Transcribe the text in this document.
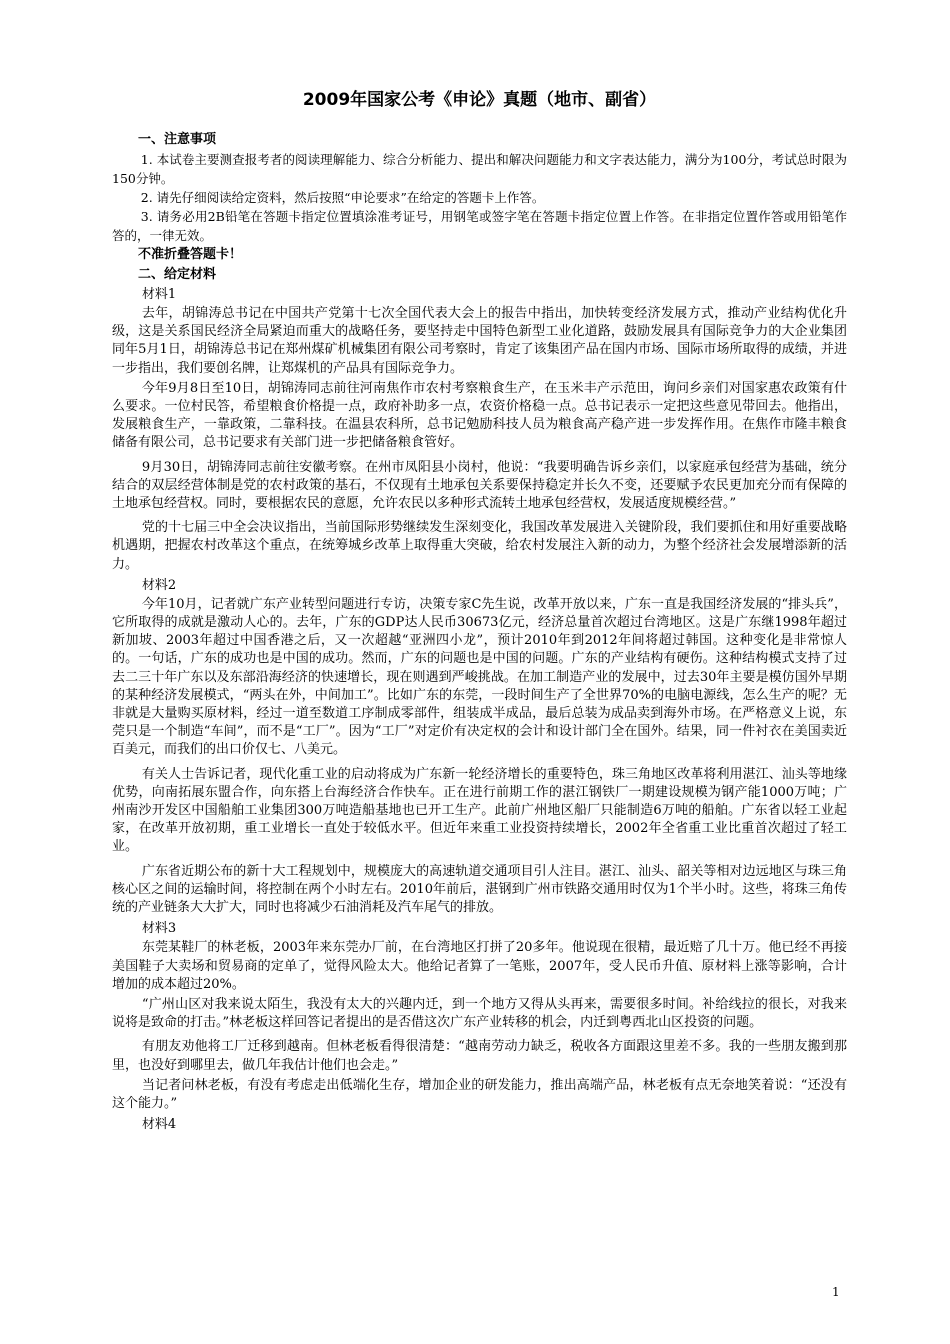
2009年国家公考《申论》真题（地市、副省）

一、注意事项

1. 本试卷主要测查报考者的阅读理解能力、综合分析能力、提出和解决问题能力和文字表达能力，满分为100分，考试总时限为150分钟。

2. 请先仔细阅读给定资料，然后按照“申论要求”在给定的答题卡上作答。

3. 请务必用2B铅笔在答题卡指定位置填涂准考证号，用钢笔或签字笔在答题卡指定位置上作答。在非指定位置作答或用铅笔作答的，一律无效。

不准折叠答题卡！

二、给定材料

材料1

去年，胡锦涛总书记在中国共产党第十七次全国代表大会上的报告中指出，加快转变经济发展方式，推动产业结构优化升级，这是关系国民经济全局紧迫而重大的战略任务，要坚持走中国特色新型工业化道路，鼓励发展具有国际竞争力的大企业集团同年5月1日，胡锦涛总书记在郑州煤矿机械集团有限公司考察时，肯定了该集团产品在国内市场、国际市场所取得的成绩，并进一步指出，我们要创名牌，让郑煤机的产品具有国际竞争力。

今年9月8日至10日，胡锦涛同志前往河南焦作市农村考察粮食生产，在玉米丰产示范田，询问乡亲们对国家惠农政策有什么要求。一位村民答，希望粮食价格提一点，政府补助多一点，农资价格稳一点。总书记表示一定把这些意见带回去。他指出，发展粮食生产，一靠政策，二靠科技。在温县农科所，总书记勉励科技人员为粮食高产稳产进一步发挥作用。在焦作市隆丰粮食储备有限公司，总书记要求有关部门进一步把储备粮食管好。

9月30日，胡锦涛同志前往安徽考察。在州市凤阳县小岗村，他说：“我要明确告诉乡亲们，以家庭承包经营为基础，统分结合的双层经营体制是党的农村政策的基石，不仅现有土地承包关系要保持稳定并长久不变，还要赋予农民更加充分而有保障的土地承包经营权。同时，要根据农民的意愿，允许农民以多种形式流转土地承包经营权，发展适度规模经营。”

党的十七届三中全会决议指出，当前国际形势继续发生深刻变化，我国改革发展进入关键阶段，我们要抓住和用好重要战略机遇期，把握农村改革这个重点，在统筹城乡改革上取得重大突破，给农村发展注入新的动力，为整个经济社会发展增添新的活力。

材料2

今年10月，记者就广东产业转型问题进行专访，决策专家C先生说，改革开放以来，广东一直是我国经济发展的“排头兵”，它所取得的成就是激动人心的。去年，广东的GDP达人民币30673亿元，经济总量首次超过台湾地区。这是广东继1998年超过新加坡、2003年超过中国香港之后，又一次超越“亚洲四小龙”，预计2010年到2012年间将超过韩国。这种变化是非常惊人的。一句话，广东的成功也是中国的成功。然而，广东的问题也是中国的问题。广东的产业结构有硬伤。这种结构模式支持了过去二三十年广东以及东部沿海经济的快速增长，现在则遇到严峻挑战。在加工制造产业的发展中，过去30年主要是模仿国外早期的某种经济发展模式，“两头在外，中间加工”。比如广东的东莞，一段时间生产了全世界70%的电脑电源线，怎么生产的呢？无非就是大量购买原材料，经过一道至数道工序制成零部件，组装成半成品，最后总装为成品卖到海外市场。在严格意义上说，东莞只是一个制造“车间”，而不是“工厂”。因为“工厂”对定价有决定权的会计和设计部门全在国外。结果，同一件衬衣在美国卖近百美元，而我们的出口价仅七、八美元。

有关人士告诉记者，现代化重工业的启动将成为广东新一轮经济增长的重要特色，珠三角地区改革将利用湛江、汕头等地缘优势，向南拓展东盟合作，向东搭上台海经济合作快车。正在进行前期工作的湛江钢铁厂一期建设规模为钢产能1000万吨；广州南沙开发区中国船舶工业集团300万吨造船基地也已开工生产。此前广州地区船厂只能制造6万吨的船舶。广东省以轻工业起家，在改革开放初期，重工业增长一直处于较低水平。但近年来重工业投资持续增长，2002年全省重工业比重首次超过了轻工业。

广东省近期公布的新十大工程规划中，规模庞大的高速轨道交通项目引人注目。湛江、汕头、韶关等相对边远地区与珠三角核心区之间的运输时间，将控制在两个小时左右。2010年前后，湛钢到广州市铁路交通用时仅为1个半小时。这些，将珠三角传统的产业链条大大扩大，同时也将减少石油消耗及汽车尾气的排放。

材料3

东莞某鞋厂的林老板，2003年来东莞办厂前，在台湾地区打拼了20多年。他说现在很精，最近赔了几十万。他已经不再接美国鞋子大卖场和贸易商的定单了，觉得风险太大。他给记者算了一笔账，2007年，受人民币升值、原材料上涨等影响，合计增加的成本超过20%。

“广州山区对我来说太陌生，我没有太大的兴趣内迁，到一个地方又得从头再来，需要很多时间。补给线拉的很长，对我来说将是致命的打击。”林老板这样回答记者提出的是否借这次广东产业转移的机会，内迁到粤西北山区投资的问题。

有朋友劝他将工厂迁移到越南。但林老板看得很清楚：“越南劳动力缺乏，税收各方面跟这里差不多。我的一些朋友搬到那里，也没好到哪里去，做几年我估计他们也会走。”

当记者问林老板，有没有考虑走出低端化生存，增加企业的研发能力，推出高端产品，林老板有点无奈地笑着说：“还没有这个能力。”

材料4

1
